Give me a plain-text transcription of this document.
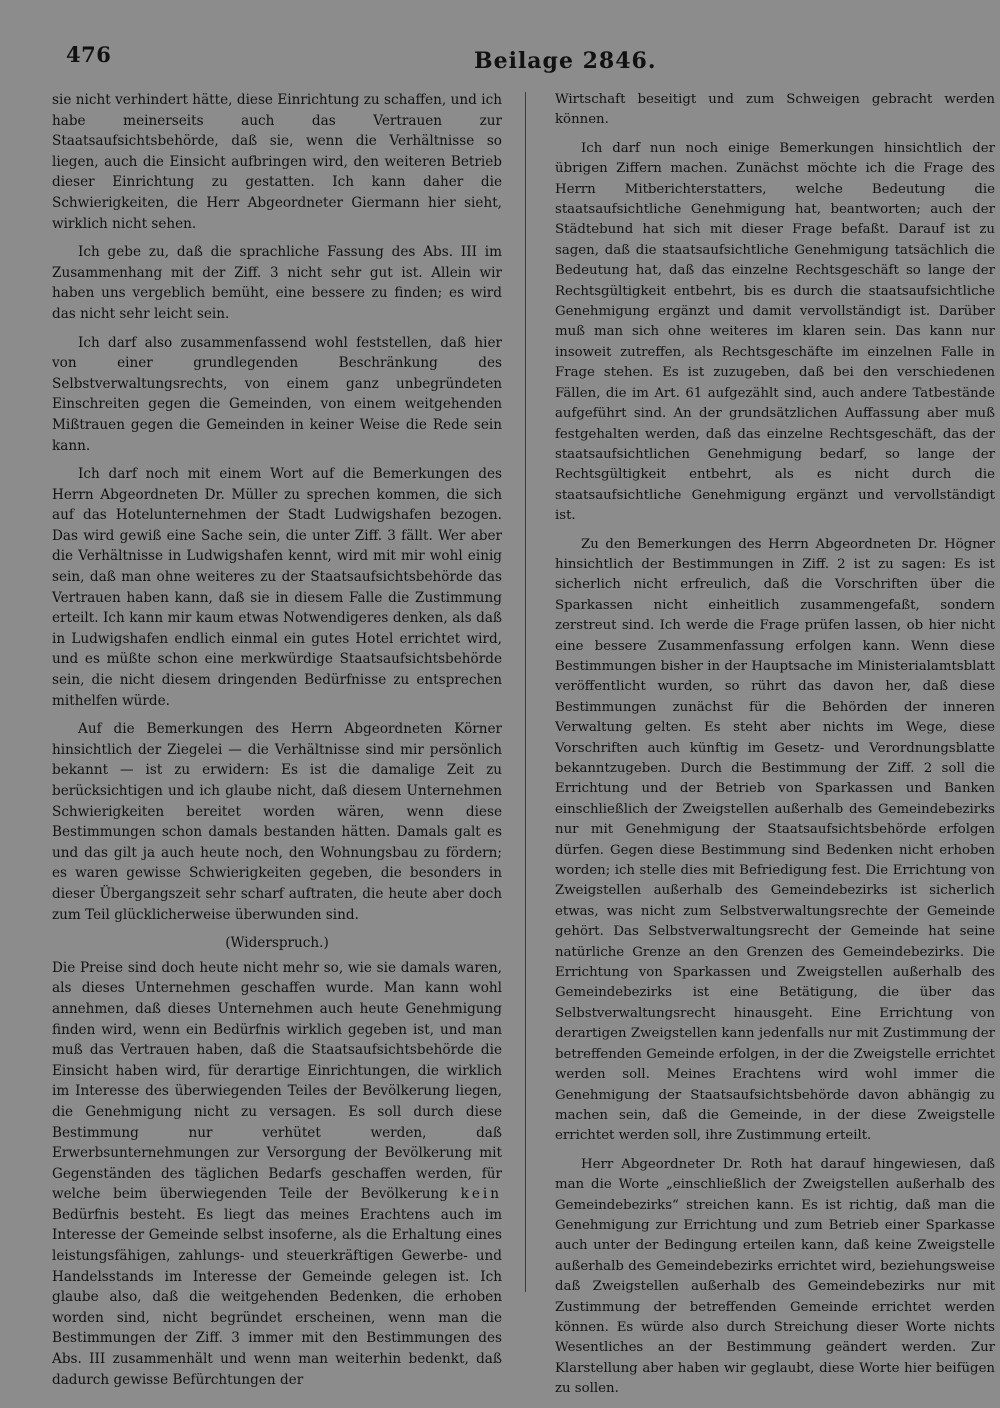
476	Beilage 2846.

sie nicht verhindert hätte, diese Einrichtung zu schaffen, und ich habe meinerseits auch das Vertrauen zur Staatsaufsichtsbehörde, daß sie, wenn die Verhältnisse so liegen, auch die Einsicht aufbringen wird, den weiteren Betrieb dieser Einrichtung zu gestatten. Ich kann daher die Schwierigkeiten, die Herr Abgeordneter Giermann hier sieht, wirklich nicht sehen.

Ich gebe zu, daß die sprachliche Fassung des Abs. III im Zusammenhang mit der Ziff. 3 nicht sehr gut ist. Allein wir haben uns vergeblich bemüht, eine bessere zu finden; es wird das nicht sehr leicht sein.

Ich darf also zusammenfassend wohl feststellen, daß hier von einer grundlegenden Beschränkung des Selbstverwaltungsrechts, von einem ganz unbegründeten Einschreiten gegen die Gemeinden, von einem weitgehenden Mißtrauen gegen die Gemeinden in keiner Weise die Rede sein kann.

Ich darf noch mit einem Wort auf die Bemerkungen des Herrn Abgeordneten Dr. Müller zu sprechen kommen, die sich auf das Hotelunternehmen der Stadt Ludwigshafen bezogen. Das wird gewiß eine Sache sein, die unter Ziff. 3 fällt. Wer aber die Verhältnisse in Ludwigshafen kennt, wird mit mir wohl einig sein, daß man ohne weiteres zu der Staatsaufsichtsbehörde das Vertrauen haben kann, daß sie in diesem Falle die Zustimmung erteilt. Ich kann mir kaum etwas Notwendigeres denken, als daß in Ludwigshafen endlich einmal ein gutes Hotel errichtet wird, und es müßte schon eine merkwürdige Staatsaufsichtsbehörde sein, die nicht diesem dringenden Bedürfnisse zu entsprechen mithelfen würde.

Auf die Bemerkungen des Herrn Abgeordneten Körner hinsichtlich der Ziegelei — die Verhältnisse sind mir persönlich bekannt — ist zu erwidern: Es ist die damalige Zeit zu berücksichtigen und ich glaube nicht, daß diesem Unternehmen Schwierigkeiten bereitet worden wären, wenn diese Bestimmungen schon damals bestanden hätten. Damals galt es und das gilt ja auch heute noch, den Wohnungsbau zu fördern; es waren gewisse Schwierigkeiten gegeben, die besonders in dieser Übergangszeit sehr scharf auftraten, die heute aber doch zum Teil glücklicherweise überwunden sind.

(Widerspruch.)

Die Preise sind doch heute nicht mehr so, wie sie damals waren, als dieses Unternehmen geschaffen wurde. Man kann wohl annehmen, daß dieses Unternehmen auch heute Genehmigung finden wird, wenn ein Bedürfnis wirklich gegeben ist, und man muß das Vertrauen haben, daß die Staatsaufsichtsbehörde die Einsicht haben wird, für derartige Einrichtungen, die wirklich im Interesse des überwiegenden Teiles der Bevölkerung liegen, die Genehmigung nicht zu versagen. Es soll durch diese Bestimmung nur verhütet werden, daß Erwerbsunternehmungen zur Versorgung der Bevölkerung mit Gegenständen des täglichen Bedarfs geschaffen werden, für welche beim überwiegenden Teile der Bevölkerung kein Bedürfnis besteht. Es liegt das meines Erachtens auch im Interesse der Gemeinde selbst insoferne, als die Erhaltung eines leistungsfähigen, zahlungs- und steuerkräftigen Gewerbe- und Handelsstands im Interesse der Gemeinde gelegen ist. Ich glaube also, daß die weitgehenden Bedenken, die erhoben worden sind, nicht begründet erscheinen, wenn man die Bestimmungen der Ziff. 3 immer mit den Bestimmungen des Abs. III zusammenhält und wenn man weiterhin bedenkt, daß dadurch gewisse Befürchtungen der

Wirtschaft beseitigt und zum Schweigen gebracht werden können.

Ich darf nun noch einige Bemerkungen hinsichtlich der übrigen Ziffern machen. Zunächst möchte ich die Frage des Herrn Mitberichterstatters, welche Bedeutung die staatsaufsichtliche Genehmigung hat, beantworten; auch der Städtebund hat sich mit dieser Frage befaßt. Darauf ist zu sagen, daß die staatsaufsichtliche Genehmigung tatsächlich die Bedeutung hat, daß das einzelne Rechtsgeschäft so lange der Rechtsgültigkeit entbehrt, bis es durch die staatsaufsichtliche Genehmigung ergänzt und damit vervollständigt ist. Darüber muß man sich ohne weiteres im klaren sein. Das kann nur insoweit zutreffen, als Rechtsgeschäfte im einzelnen Falle in Frage stehen. Es ist zuzugeben, daß bei den verschiedenen Fällen, die im Art. 61 aufgezählt sind, auch andere Tatbestände aufgeführt sind. An der grundsätzlichen Auffassung aber muß festgehalten werden, daß das einzelne Rechtsgeschäft, das der staatsaufsichtlichen Genehmigung bedarf, so lange der Rechtsgültigkeit entbehrt, als es nicht durch die staatsaufsichtliche Genehmigung ergänzt und vervollständigt ist.

Zu den Bemerkungen des Herrn Abgeordneten Dr. Högner hinsichtlich der Bestimmungen in Ziff. 2 ist zu sagen: Es ist sicherlich nicht erfreulich, daß die Vorschriften über die Sparkassen nicht einheitlich zusammengefaßt, sondern zerstreut sind. Ich werde die Frage prüfen lassen, ob hier nicht eine bessere Zusammenfassung erfolgen kann. Wenn diese Bestimmungen bisher in der Hauptsache im Ministerialamtsblatt veröffentlicht wurden, so rührt das davon her, daß diese Bestimmungen zunächst für die Behörden der inneren Verwaltung gelten. Es steht aber nichts im Wege, diese Vorschriften auch künftig im Gesetz- und Verordnungsblatte bekanntzugeben. Durch die Bestimmung der Ziff. 2 soll die Errichtung und der Betrieb von Sparkassen und Banken einschließlich der Zweigstellen außerhalb des Gemeindebezirks nur mit Genehmigung der Staatsaufsichtsbehörde erfolgen dürfen. Gegen diese Bestimmung sind Bedenken nicht erhoben worden; ich stelle dies mit Befriedigung fest. Die Errichtung von Zweigstellen außerhalb des Gemeindebezirks ist sicherlich etwas, was nicht zum Selbstverwaltungsrechte der Gemeinde gehört. Das Selbstverwaltungsrecht der Gemeinde hat seine natürliche Grenze an den Grenzen des Gemeindebezirks. Die Errichtung von Sparkassen und Zweigstellen außerhalb des Gemeindebezirks ist eine Betätigung, die über das Selbstverwaltungsrecht hinausgeht. Eine Errichtung von derartigen Zweigstellen kann jedenfalls nur mit Zustimmung der betreffenden Gemeinde erfolgen, in der die Zweigstelle errichtet werden soll. Meines Erachtens wird wohl immer die Genehmigung der Staatsaufsichtsbehörde davon abhängig zu machen sein, daß die Gemeinde, in der diese Zweigstelle errichtet werden soll, ihre Zustimmung erteilt.

Herr Abgeordneter Dr. Roth hat darauf hingewiesen, daß man die Worte „einschließlich der Zweigstellen außerhalb des Gemeindebezirks“ streichen kann. Es ist richtig, daß man die Genehmigung zur Errichtung und zum Betrieb einer Sparkasse auch unter der Bedingung erteilen kann, daß keine Zweigstelle außerhalb des Gemeindebezirks errichtet wird, beziehungsweise daß Zweigstellen außerhalb des Gemeindebezirks nur mit Zustimmung der betreffenden Gemeinde errichtet werden können. Es würde also durch Streichung dieser Worte nichts Wesentliches an der Bestimmung geändert werden. Zur Klarstellung aber haben wir geglaubt, diese Worte hier beifügen zu sollen.
